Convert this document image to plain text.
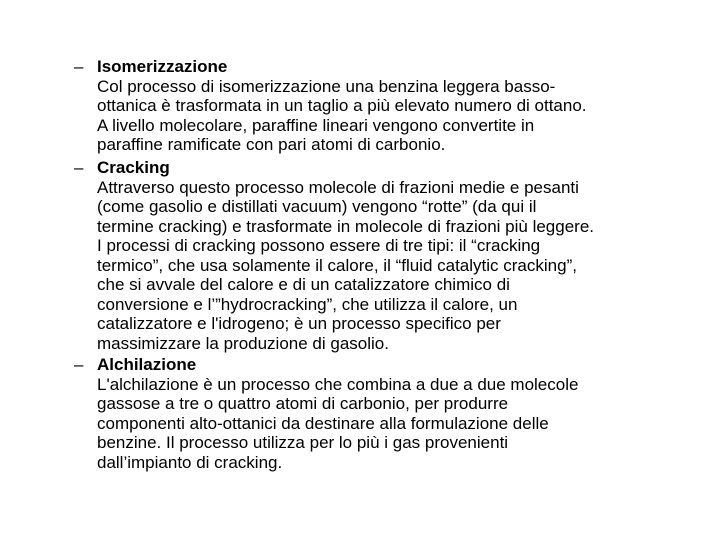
– Isomerizzazione
Col processo di isomerizzazione una benzina leggera basso-
ottanica è trasformata in un taglio a più elevato numero di ottano.
A livello molecolare, paraffine lineari vengono convertite in
paraffine ramificate con pari atomi di carbonio.
– Cracking
Attraverso questo processo molecole di frazioni medie e pesanti
(come gasolio e distillati vacuum) vengono “rotte” (da qui il
termine cracking) e trasformate in molecole di frazioni più leggere.
I processi di cracking possono essere di tre tipi: il “cracking
termico”, che usa solamente il calore, il “fluid catalytic cracking”,
che si avvale del calore e di un catalizzatore chimico di
conversione e l’”hydrocracking”, che utilizza il calore, un
catalizzatore e l'idrogeno; è un processo specifico per
massimizzare la produzione di gasolio.
– Alchilazione
L'alchilazione è un processo che combina a due a due molecole
gassose a tre o quattro atomi di carbonio, per produrre
componenti alto-ottanici da destinare alla formulazione delle
benzine. Il processo utilizza per lo più i gas provenienti
dall’impianto di cracking.
